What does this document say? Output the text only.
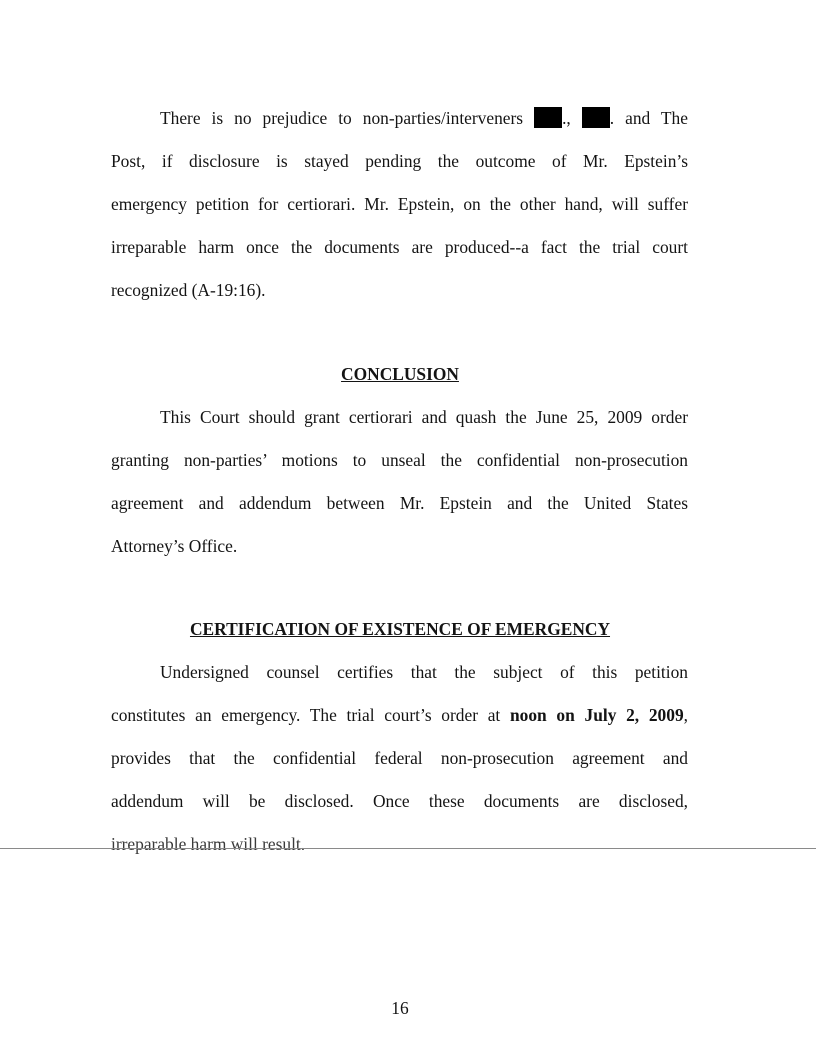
There is no prejudice to non-parties/interveners ., . and The
Post, if disclosure is stayed pending the outcome of Mr. Epstein’s
emergency petition for certiorari. Mr. Epstein, on the other hand, will suffer
irreparable harm once the documents are produced--a fact the trial court
recognized (A-19:16).
CONCLUSION
This Court should grant certiorari and quash the June 25, 2009 order
granting non-parties’ motions to unseal the confidential non-prosecution
agreement and addendum between Mr. Epstein and the United States
Attorney’s Office.
CERTIFICATION OF EXISTENCE OF EMERGENCY
Undersigned counsel certifies that the subject of this petition
constitutes an emergency. The trial court’s order at noon on July 2, 2009,
provides that the confidential federal non-prosecution agreement and
addendum will be disclosed. Once these documents are disclosed,
irreparable harm will result.
16
